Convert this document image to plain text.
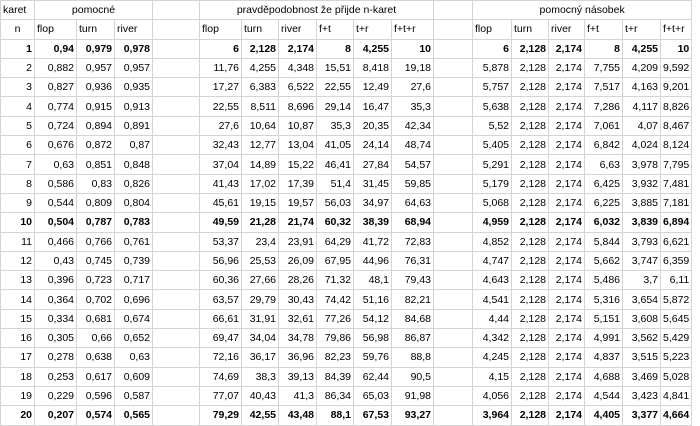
karet	pomocné				pravděpodobnost že přijde n-karet							pomocný násobek					
n	flop	turn	river		flop	turn	river	f+t	t+r	f+t+r		flop	turn	river	f+t	t+r	f+t+r
1	0,94	0,979	0,978		6	2,128	2,174	8	4,255	10		6	2,128	2,174	8	4,255	10
2	0,882	0,957	0,957		11,76	4,255	4,348	15,51	8,418	19,18		5,878	2,128	2,174	7,755	4,209	9,592
3	0,827	0,936	0,935		17,27	6,383	6,522	22,55	12,49	27,6		5,757	2,128	2,174	7,517	4,163	9,201
4	0,774	0,915	0,913		22,55	8,511	8,696	29,14	16,47	35,3		5,638	2,128	2,174	7,286	4,117	8,826
5	0,724	0,894	0,891		27,6	10,64	10,87	35,3	20,35	42,34		5,52	2,128	2,174	7,061	4,07	8,467
6	0,676	0,872	0,87		32,43	12,77	13,04	41,05	24,14	48,74		5,405	2,128	2,174	6,842	4,024	8,124
7	0,63	0,851	0,848		37,04	14,89	15,22	46,41	27,84	54,57		5,291	2,128	2,174	6,63	3,978	7,795
8	0,586	0,83	0,826		41,43	17,02	17,39	51,4	31,45	59,85		5,179	2,128	2,174	6,425	3,932	7,481
9	0,544	0,809	0,804		45,61	19,15	19,57	56,03	34,97	64,63		5,068	2,128	2,174	6,225	3,885	7,181
10	0,504	0,787	0,783		49,59	21,28	21,74	60,32	38,39	68,94		4,959	2,128	2,174	6,032	3,839	6,894
11	0,466	0,766	0,761		53,37	23,4	23,91	64,29	41,72	72,83		4,852	2,128	2,174	5,844	3,793	6,621
12	0,43	0,745	0,739		56,96	25,53	26,09	67,95	44,96	76,31		4,747	2,128	2,174	5,662	3,747	6,359
13	0,396	0,723	0,717		60,36	27,66	28,26	71,32	48,1	79,43		4,643	2,128	2,174	5,486	3,7	6,11
14	0,364	0,702	0,696		63,57	29,79	30,43	74,42	51,16	82,21		4,541	2,128	2,174	5,316	3,654	5,872
15	0,334	0,681	0,674		66,61	31,91	32,61	77,26	54,12	84,68		4,44	2,128	2,174	5,151	3,608	5,645
16	0,305	0,66	0,652		69,47	34,04	34,78	79,86	56,98	86,87		4,342	2,128	2,174	4,991	3,562	5,429
17	0,278	0,638	0,63		72,16	36,17	36,96	82,23	59,76	88,8		4,245	2,128	2,174	4,837	3,515	5,223
18	0,253	0,617	0,609		74,69	38,3	39,13	84,39	62,44	90,5		4,15	2,128	2,174	4,688	3,469	5,028
19	0,229	0,596	0,587		77,07	40,43	41,3	86,34	65,03	91,98		4,056	2,128	2,174	4,544	3,423	4,841
20	0,207	0,574	0,565		79,29	42,55	43,48	88,1	67,53	93,27		3,964	2,128	2,174	4,405	3,377	4,664
